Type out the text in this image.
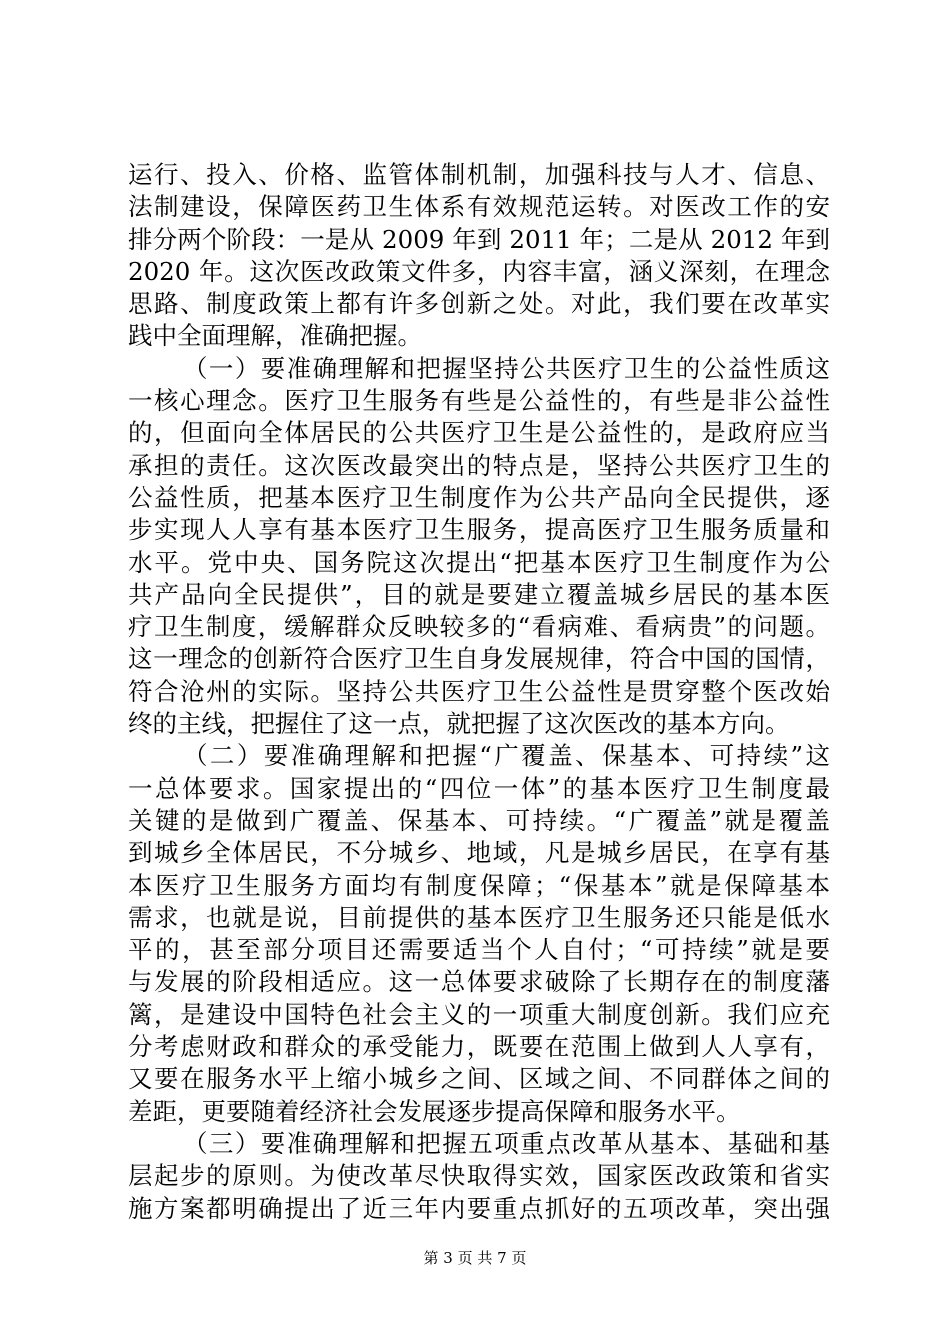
运行、投入、价格、监管体制机制，加强科技与人才、信息、
法制建设，保障医药卫生体系有效规范运转。对医改工作的安
排分两个阶段：一是从 2009 年到 2011 年；二是从 2012 年到
2020 年。这次医改政策文件多，内容丰富，涵义深刻，在理念
思路、制度政策上都有许多创新之处。对此，我们要在改革实
践中全面理解，准确把握。
（一）要准确理解和把握坚持公共医疗卫生的公益性质这
一核心理念。医疗卫生服务有些是公益性的，有些是非公益性
的，但面向全体居民的公共医疗卫生是公益性的，是政府应当
承担的责任。这次医改最突出的特点是，坚持公共医疗卫生的
公益性质，把基本医疗卫生制度作为公共产品向全民提供，逐
步实现人人享有基本医疗卫生服务，提高医疗卫生服务质量和
水平。党中央、国务院这次提出“把基本医疗卫生制度作为公
共产品向全民提供”，目的就是要建立覆盖城乡居民的基本医
疗卫生制度，缓解群众反映较多的“看病难、看病贵”的问题。
这一理念的创新符合医疗卫生自身发展规律，符合中国的国情，
符合沧州的实际。坚持公共医疗卫生公益性是贯穿整个医改始
终的主线，把握住了这一点，就把握了这次医改的基本方向。
（二）要准确理解和把握“广覆盖、保基本、可持续”这
一总体要求。国家提出的“四位一体”的基本医疗卫生制度最
关键的是做到广覆盖、保基本、可持续。“广覆盖”就是覆盖
到城乡全体居民，不分城乡、地域，凡是城乡居民，在享有基
本医疗卫生服务方面均有制度保障；“保基本”就是保障基本
需求，也就是说，目前提供的基本医疗卫生服务还只能是低水
平的，甚至部分项目还需要适当个人自付；“可持续”就是要
与发展的阶段相适应。这一总体要求破除了长期存在的制度藩
篱，是建设中国特色社会主义的一项重大制度创新。我们应充
分考虑财政和群众的承受能力，既要在范围上做到人人享有，
又要在服务水平上缩小城乡之间、区域之间、不同群体之间的
差距，更要随着经济社会发展逐步提高保障和服务水平。
（三）要准确理解和把握五项重点改革从基本、基础和基
层起步的原则。为使改革尽快取得实效，国家医改政策和省实
施方案都明确提出了近三年内要重点抓好的五项改革，突出强
第 3 页 共 7 页
